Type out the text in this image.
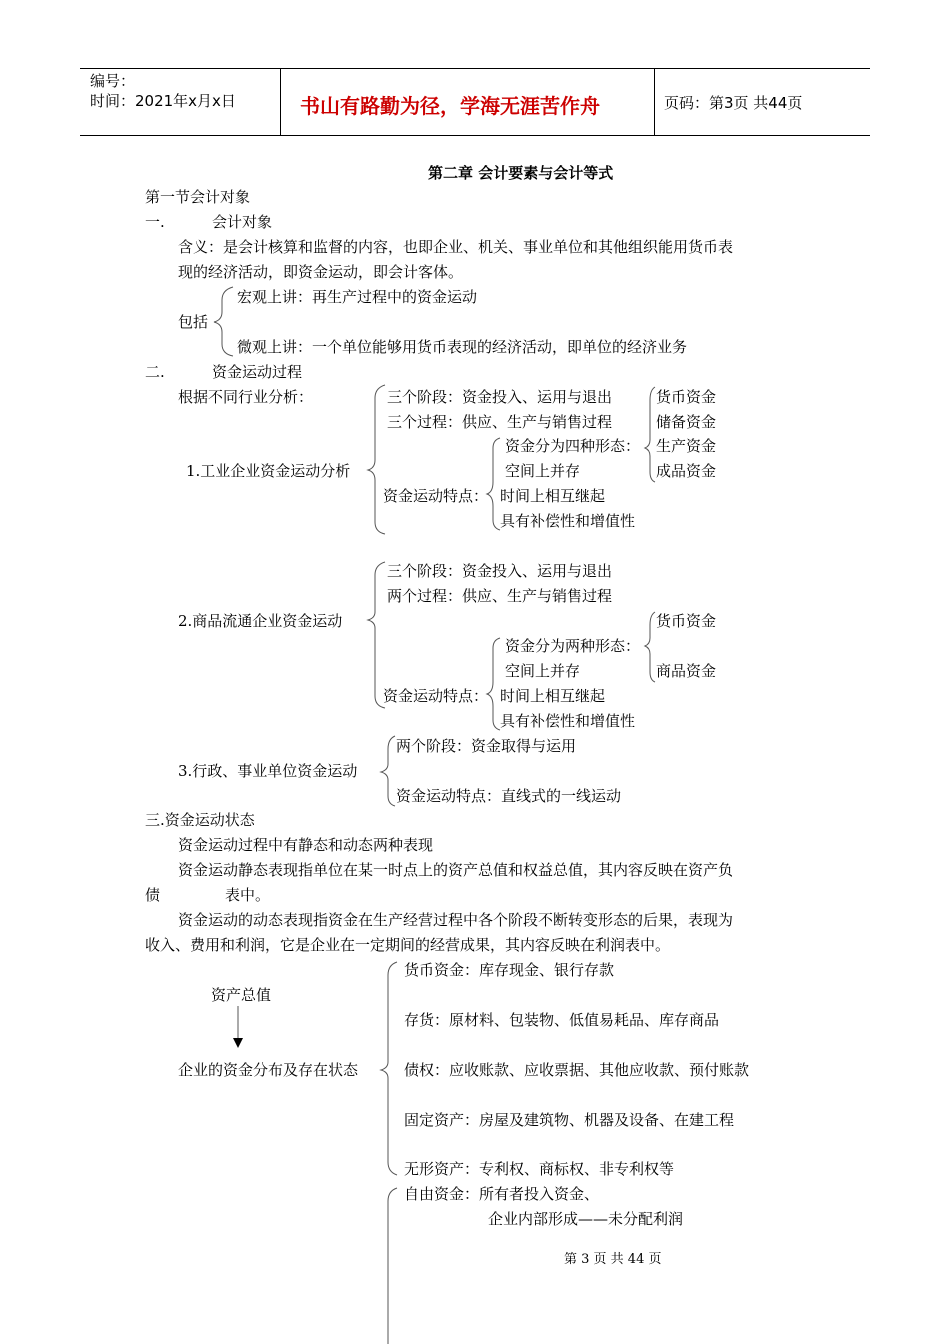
编号：
时间：2021年x月x日	书山有路勤为径，学海无涯苦作舟	页码：第3页 共44页
第二章 会计要素与会计等式
第一节会计对象
一.	会计对象
含义：是会计核算和监督的内容，也即企业、机关、事业单位和其他组织能用货币表
现的经济活动，即资金运动，即会计客体。
包括
宏观上讲：再生产过程中的资金运动
微观上讲：一个单位能够用货币表现的经济活动，即单位的经济业务
二.	资金运动过程
根据不同行业分析：
1.工业企业资金运动分析
三个阶段：资金投入、运用与退出
三个过程：供应、生产与销售过程
资金分为四种形态：
空间上并存
资金运动特点： 时间上相互继起
具有补偿性和增值性
货币资金
储备资金
生产资金
成品资金
2.商品流通企业资金运动
三个阶段：资金投入、运用与退出
两个过程：供应、生产与销售过程
资金分为两种形态：
空间上并存
资金运动特点： 时间上相互继起
具有补偿性和增值性
货币资金
商品资金
3.行政、事业单位资金运动
两个阶段：资金取得与运用
资金运动特点：直线式的一线运动
三.资金运动状态
资金运动过程中有静态和动态两种表现
资金运动静态表现指单位在某一时点上的资产总值和权益总值，其内容反映在资产负
债	表中。
资金运动的动态表现指资金在生产经营过程中各个阶段不断转变形态的后果，表现为
收入、费用和利润，它是企业在一定期间的经营成果，其内容反映在利润表中。
资产总值
企业的资金分布及存在状态
货币资金：库存现金、银行存款
存货：原材料、包装物、低值易耗品、库存商品
债权：应收账款、应收票据、其他应收款、预付账款
固定资产：房屋及建筑物、机器及设备、在建工程
无形资产：专利权、商标权、非专利权等
自由资金：所有者投入资金、
企业内部形成——未分配利润
第 3 页 共 44 页
